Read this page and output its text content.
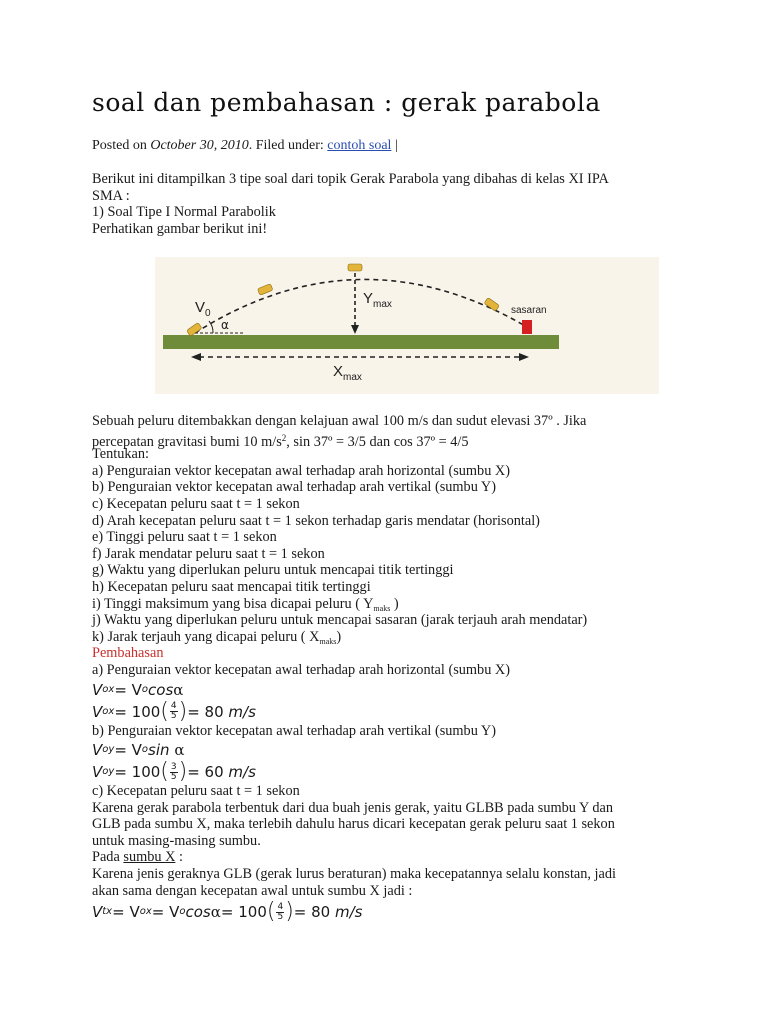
soal dan pembahasan : gerak parabola
Posted on October 30, 2010. Filed under: contoh soal |
Berikut ini ditampilkan 3 tipe soal dari topik Gerak Parabola yang dibahas di kelas XI IPA
SMA :
1) Soal Tipe I Normal Parabolik
Perhatikan gambar berikut ini!
$V_0$
α
$Y_{max}$
$X_{max}$
sasaran
Sebuah peluru ditembakkan dengan kelajuan awal 100 m/s dan sudut elevasi 37º . Jika
percepatan gravitasi bumi 10 $m/s^2$, sin 37º = 3/5 dan cos 37º = 4/5
Tentukan:
a) Penguraian vektor kecepatan awal terhadap arah horizontal (sumbu X)
b) Penguraian vektor kecepatan awal terhadap arah vertikal (sumbu Y)
c) Kecepatan peluru saat t = 1 sekon
d) Arah kecepatan peluru saat t = 1 sekon terhadap garis mendatar (horisontal)
e) Tinggi peluru saat t = 1 sekon
f) Jarak mendatar peluru saat t = 1 sekon
g) Waktu yang diperlukan peluru untuk mencapai titik tertinggi
h) Kecepatan peluru saat mencapai titik tertinggi
i) Tinggi maksimum yang bisa dicapai peluru ( $Y_{maks}$ )
j) Waktu yang diperlukan peluru untuk mencapai sasaran (jarak terjauh arah mendatar)
k) Jarak terjauh yang dicapai peluru ( $X_{maks}$)
Pembahasan
a) Penguraian vektor kecepatan awal terhadap arah horizontal (sumbu X)
V ox = V o cos α
V ox = 100 ( $\frac{4}{5}$ ) = 80
m/s
b) Penguraian vektor kecepatan awal terhadap arah vertikal (sumbu Y)
V oy = V o sin
α
V oy = 100 ( $\frac{3}{5}$ ) = 60
m/s
c) Kecepatan peluru saat t = 1 sekon
Karena gerak parabola terbentuk dari dua buah jenis gerak, yaitu GLBB pada sumbu Y dan
GLB pada sumbu X, maka terlebih dahulu harus dicari kecepatan gerak peluru saat 1 sekon
untuk masing-masing sumbu.
Pada sumbu X :
Karena jenis geraknya GLB (gerak lurus beraturan) maka kecepatannya selalu konstan, jadi
akan sama dengan kecepatan awal untuk sumbu X jadi :
V tx = V ox = V o cos α = 100 ( $\frac{4}{5}$ ) = 80
m/s
